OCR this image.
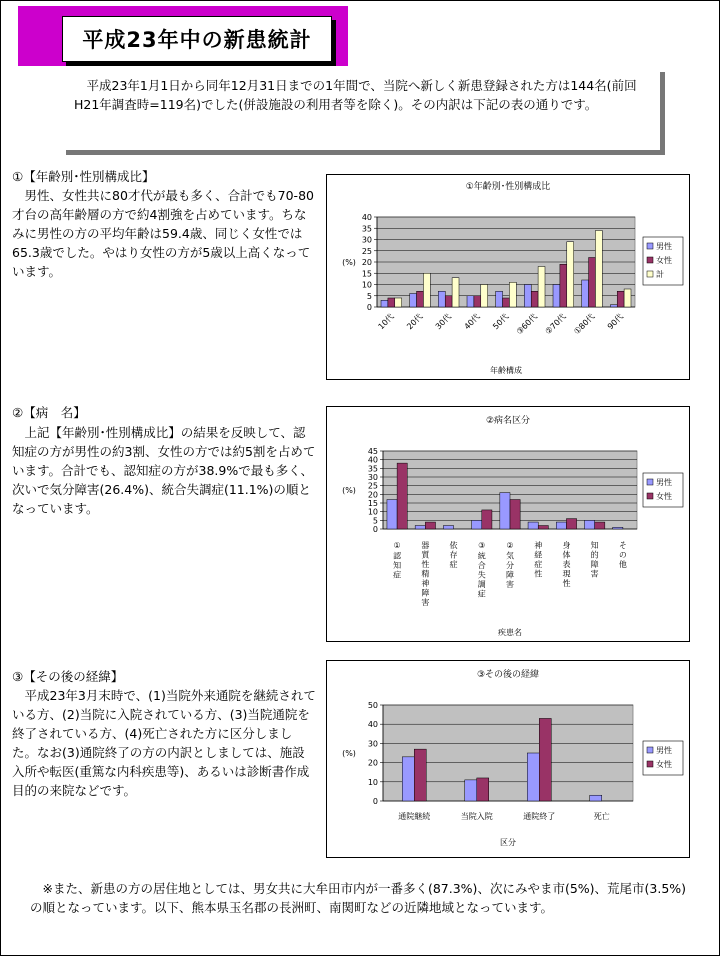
平成23年中の新患統計
平成23年1月1日から同年12月31日までの1年間で、当院へ新しく新患登録された方は144名(前回H21年調査時=119名)でした(併設施設の利用者等を除く)。その内訳は下記の表の通りです。
①【年齢別･性別構成比】
男性、女性共に80才代が最も多く、合計でも70-80才台の高年齢層の方で約4割強を占めています。ちなみに男性の方の平均年齢は59.4歳、同じく女性では65.3歳でした。やはり女性の方が5歳以上高くなっています。
①年齢別･性別構成比
0
5
10
15
20
25
30
35
40
(%)
10代 20代 30代 40代 50代 ③60代 ②70代 ①80代 90代
年齢構成
男性
女性
計
②【病　名】
上記【年齢別･性別構成比】の結果を反映して、認知症の方が男性の約3割、女性の方では約5割を占めています。合計でも、認知症の方が38.9%で最も多く、次いで気分障害(26.4%)、統合失調症(11.1%)の順となっています。
②病名区分
0
5
10
15
20
25
30
35
40
45
(%)
①認知症 器質性精神障害 依存症 ③統合失調症 ②気分障害 神経症性 身体表現性 知的障害 その他
疾患名
男性
女性
③【その後の経緯】
平成23年3月末時で、(1)当院外来通院を継続されている方、(2)当院に入院されている方、(3)当院通院を終了されている方、(4)死亡された方に区分しました。なお(3)通院終了の方の内訳としましては、施設入所や転医(重篤な内科疾患等)、あるいは診断書作成目的の来院などです。
③その後の経緯
0
10
20
30
40
50
(%)
通院継続	当院入院	通院終了	死亡
区分
男性
女性
※また、新患の方の居住地としては、男女共に大牟田市内が一番多く(87.3%)、次にみやま市(5%)、荒尾市(3.5%)の順となっています。以下、熊本県玉名郡の長洲町、南関町などの近隣地域となっています。
